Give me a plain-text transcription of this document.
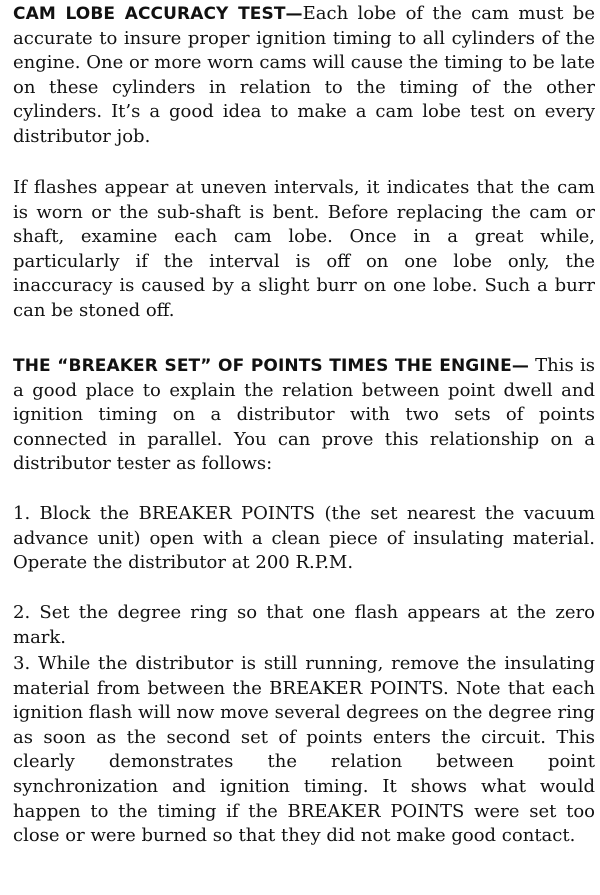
CAM LOBE ACCURACY TEST—Each lobe of the cam must be accurate to insure proper ignition timing to all cylinders of the engine. One or more worn cams will cause the timing to be late on these cylinders in relation to the timing of the other cylinders. It’s a good idea to make a cam lobe test on every distributor job.

If flashes appear at uneven intervals, it indicates that the cam is worn or the sub-shaft is bent. Before replacing the cam or shaft, examine each cam lobe. Once in a great while, particularly if the interval is off on one lobe only, the inaccuracy is caused by a slight burr on one lobe. Such a burr can be stoned off.

THE “BREAKER SET” OF POINTS TIMES THE ENGINE— This is a good place to explain the relation between point dwell and ignition timing on a distributor with two sets of points connected in parallel. You can prove this relationship on a distributor tester as follows:

1. Block the BREAKER POINTS (the set nearest the vacuum advance unit) open with a clean piece of insulating material. Operate the distributor at 200 R.P.M.

2. Set the degree ring so that one flash appears at the zero mark.

3. While the distributor is still running, remove the insulating material from between the BREAKER POINTS. Note that each ignition flash will now move several degrees on the degree ring as soon as the second set of points enters the circuit. This clearly demonstrates the relation between point synchronization and ignition timing. It shows what would happen to the timing if the BREAKER POINTS were set too close or were burned so that they did not make good contact.
